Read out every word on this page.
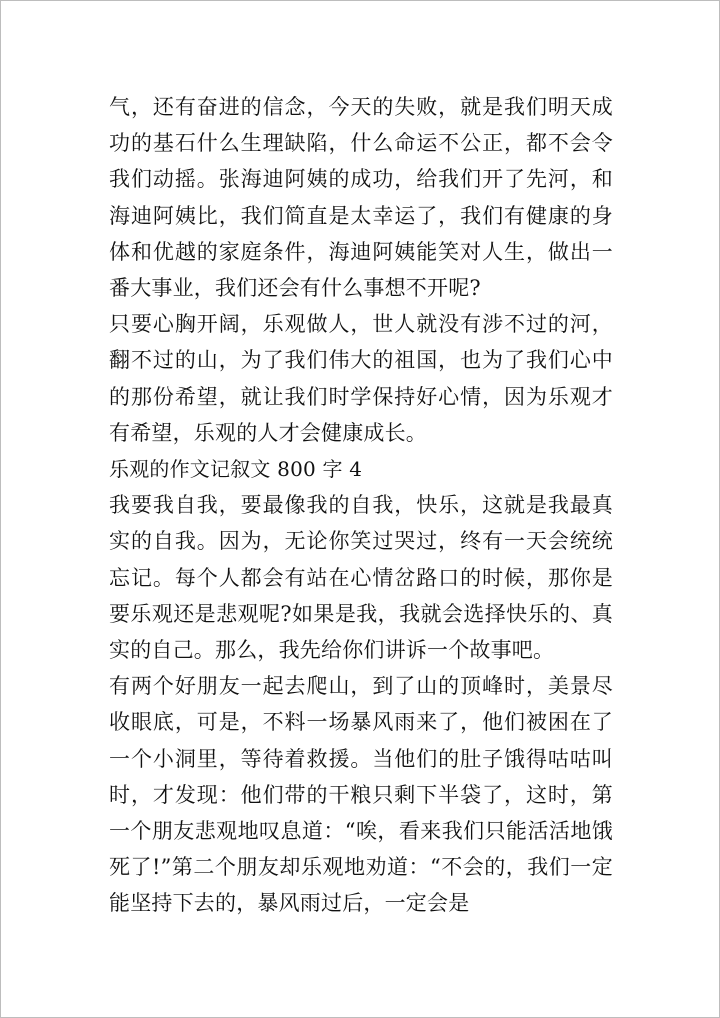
气，还有奋进的信念，今天的失败，就是我们明天成功的基石什么生理缺陷，什么命运不公正，都不会令我们动摇。张海迪阿姨的成功，给我们开了先河，和海迪阿姨比，我们简直是太幸运了，我们有健康的身体和优越的家庭条件，海迪阿姨能笑对人生，做出一番大事业，我们还会有什么事想不开呢?

只要心胸开阔，乐观做人，世人就没有涉不过的河，翻不过的山，为了我们伟大的祖国，也为了我们心中的那份希望，就让我们时学保持好心情，因为乐观才有希望，乐观的人才会健康成长。

乐观的作文记叙文 800 字 4

我要我自我，要最像我的自我，快乐，这就是我最真实的自我。因为，无论你笑过哭过，终有一天会统统忘记。每个人都会有站在心情岔路口的时候，那你是要乐观还是悲观呢?如果是我，我就会选择快乐的、真实的自己。那么，我先给你们讲诉一个故事吧。

有两个好朋友一起去爬山，到了山的顶峰时，美景尽收眼底，可是，不料一场暴风雨来了，他们被困在了一个小洞里，等待着救援。当他们的肚子饿得咕咕叫时，才发现：他们带的干粮只剩下半袋了，这时，第一个朋友悲观地叹息道：“唉，看来我们只能活活地饿死了!”第二个朋友却乐观地劝道：“不会的，我们一定能坚持下去的，暴风雨过后，一定会是
